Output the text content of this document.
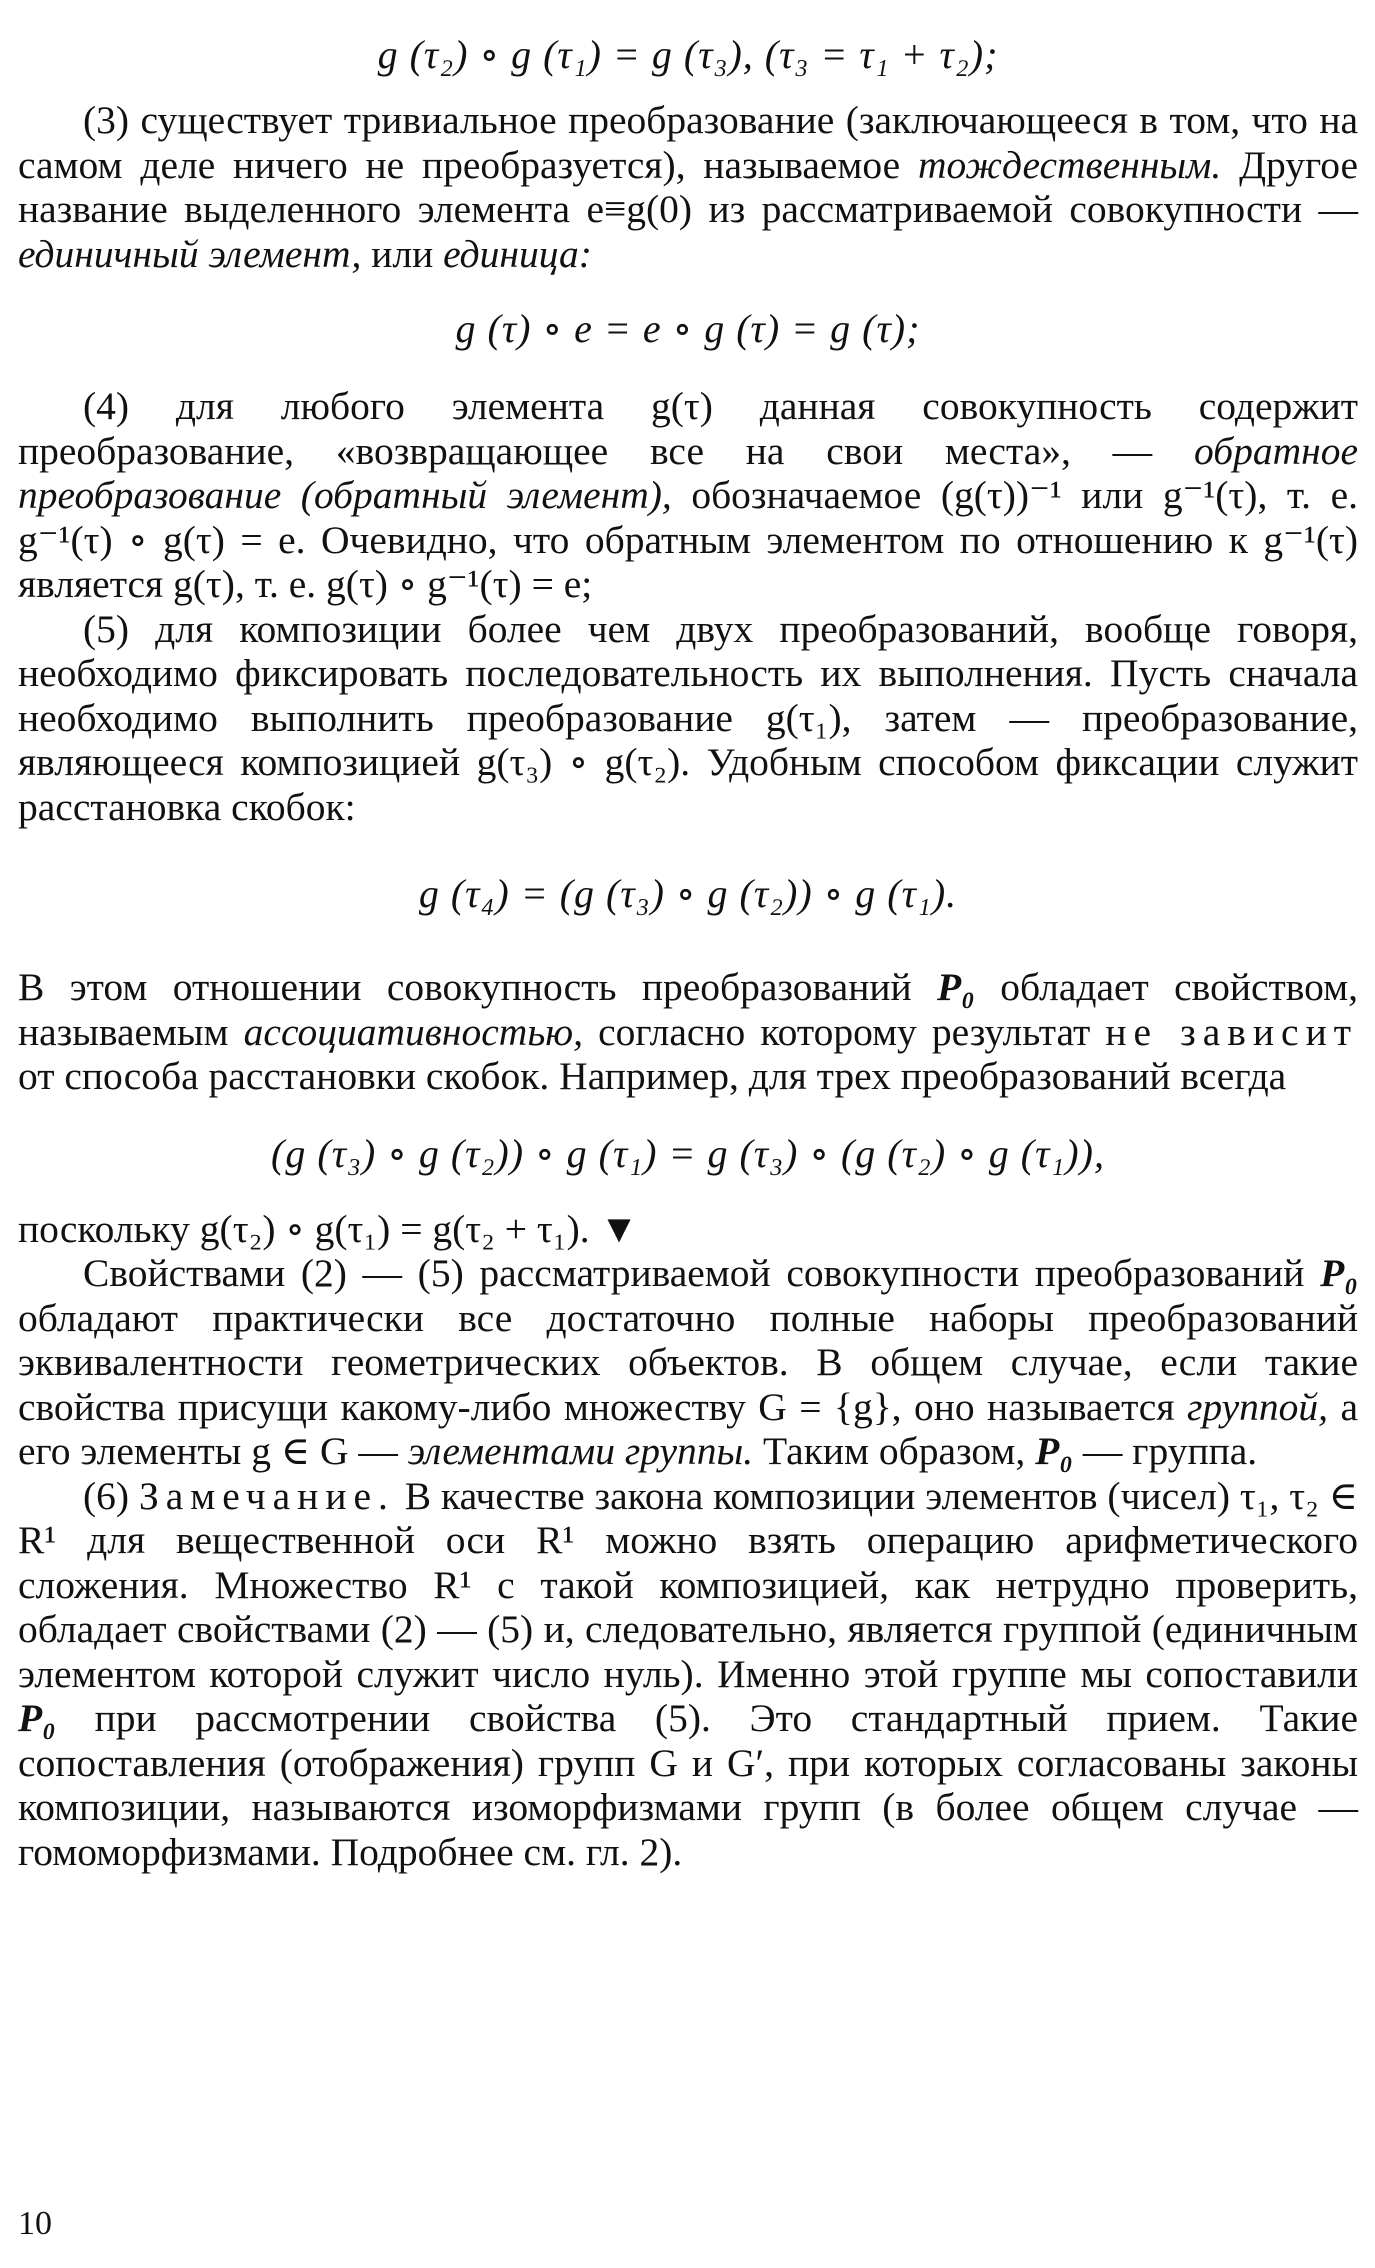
g (τ₂) ∘ g (τ₁) = g (τ₃), (τ₃ = τ₁ + τ₂);

(3) существует тривиальное преобразование (заключающееся в том, что на самом деле ничего не преобразуется), называемое тождественным. Другое название выделенного элемента e≡g(0) из рассматриваемой совокупности — единичный элемент, или единица:

g (τ) ∘ e = e ∘ g (τ) = g (τ);

(4) для любого элемента g(τ) данная совокупность содержит преобразование, «возвращающее все на свои места», — обратное преобразование (обратный элемент), обозначаемое (g(τ))⁻¹ или g⁻¹(τ), т. е. g⁻¹(τ) ∘ g(τ) = e. Очевидно, что обратным элементом по отношению к g⁻¹(τ) является g(τ), т. е. g(τ) ∘ g⁻¹(τ) = e;

(5) для композиции более чем двух преобразований, вообще говоря, необходимо фиксировать последовательность их выполнения. Пусть сначала необходимо выполнить преобразование g(τ₁), затем — преобразование, являющееся композицией g(τ₃) ∘ g(τ₂). Удобным способом фиксации служит расстановка скобок:

g (τ₄) = (g (τ₃) ∘ g (τ₂)) ∘ g (τ₁).

В этом отношении совокупность преобразований P₀ обладает свойством, называемым ассоциативностью, согласно которому результат не зависит от способа расстановки скобок. Например, для трех преобразований всегда

(g (τ₃) ∘ g (τ₂)) ∘ g (τ₁) = g (τ₃) ∘ (g (τ₂) ∘ g (τ₁)),

поскольку g(τ₂) ∘ g(τ₁) = g(τ₂ + τ₁). ▼

Свойствами (2) — (5) рассматриваемой совокупности преобразований P₀ обладают практически все достаточно полные наборы преобразований эквивалентности геометрических объектов. В общем случае, если такие свойства присущи какому-либо множеству G = {g}, оно называется группой, а его элементы g ∈ G — элементами группы. Таким образом, P₀ — группа.

(6) Замечание. В качестве закона композиции элементов (чисел) τ₁, τ₂ ∈ R¹ для вещественной оси R¹ можно взять операцию арифметического сложения. Множество R¹ с такой композицией, как нетрудно проверить, обладает свойствами (2) — (5) и, следовательно, является группой (единичным элементом которой служит число нуль). Именно этой группе мы сопоставили P₀ при рассмотрении свойства (5). Это стандартный прием. Такие сопоставления (отображения) групп G и G′, при которых согласованы законы композиции, называются изоморфизмами групп (в более общем случае — гомоморфизмами. Подробнее см. гл. 2).

10
